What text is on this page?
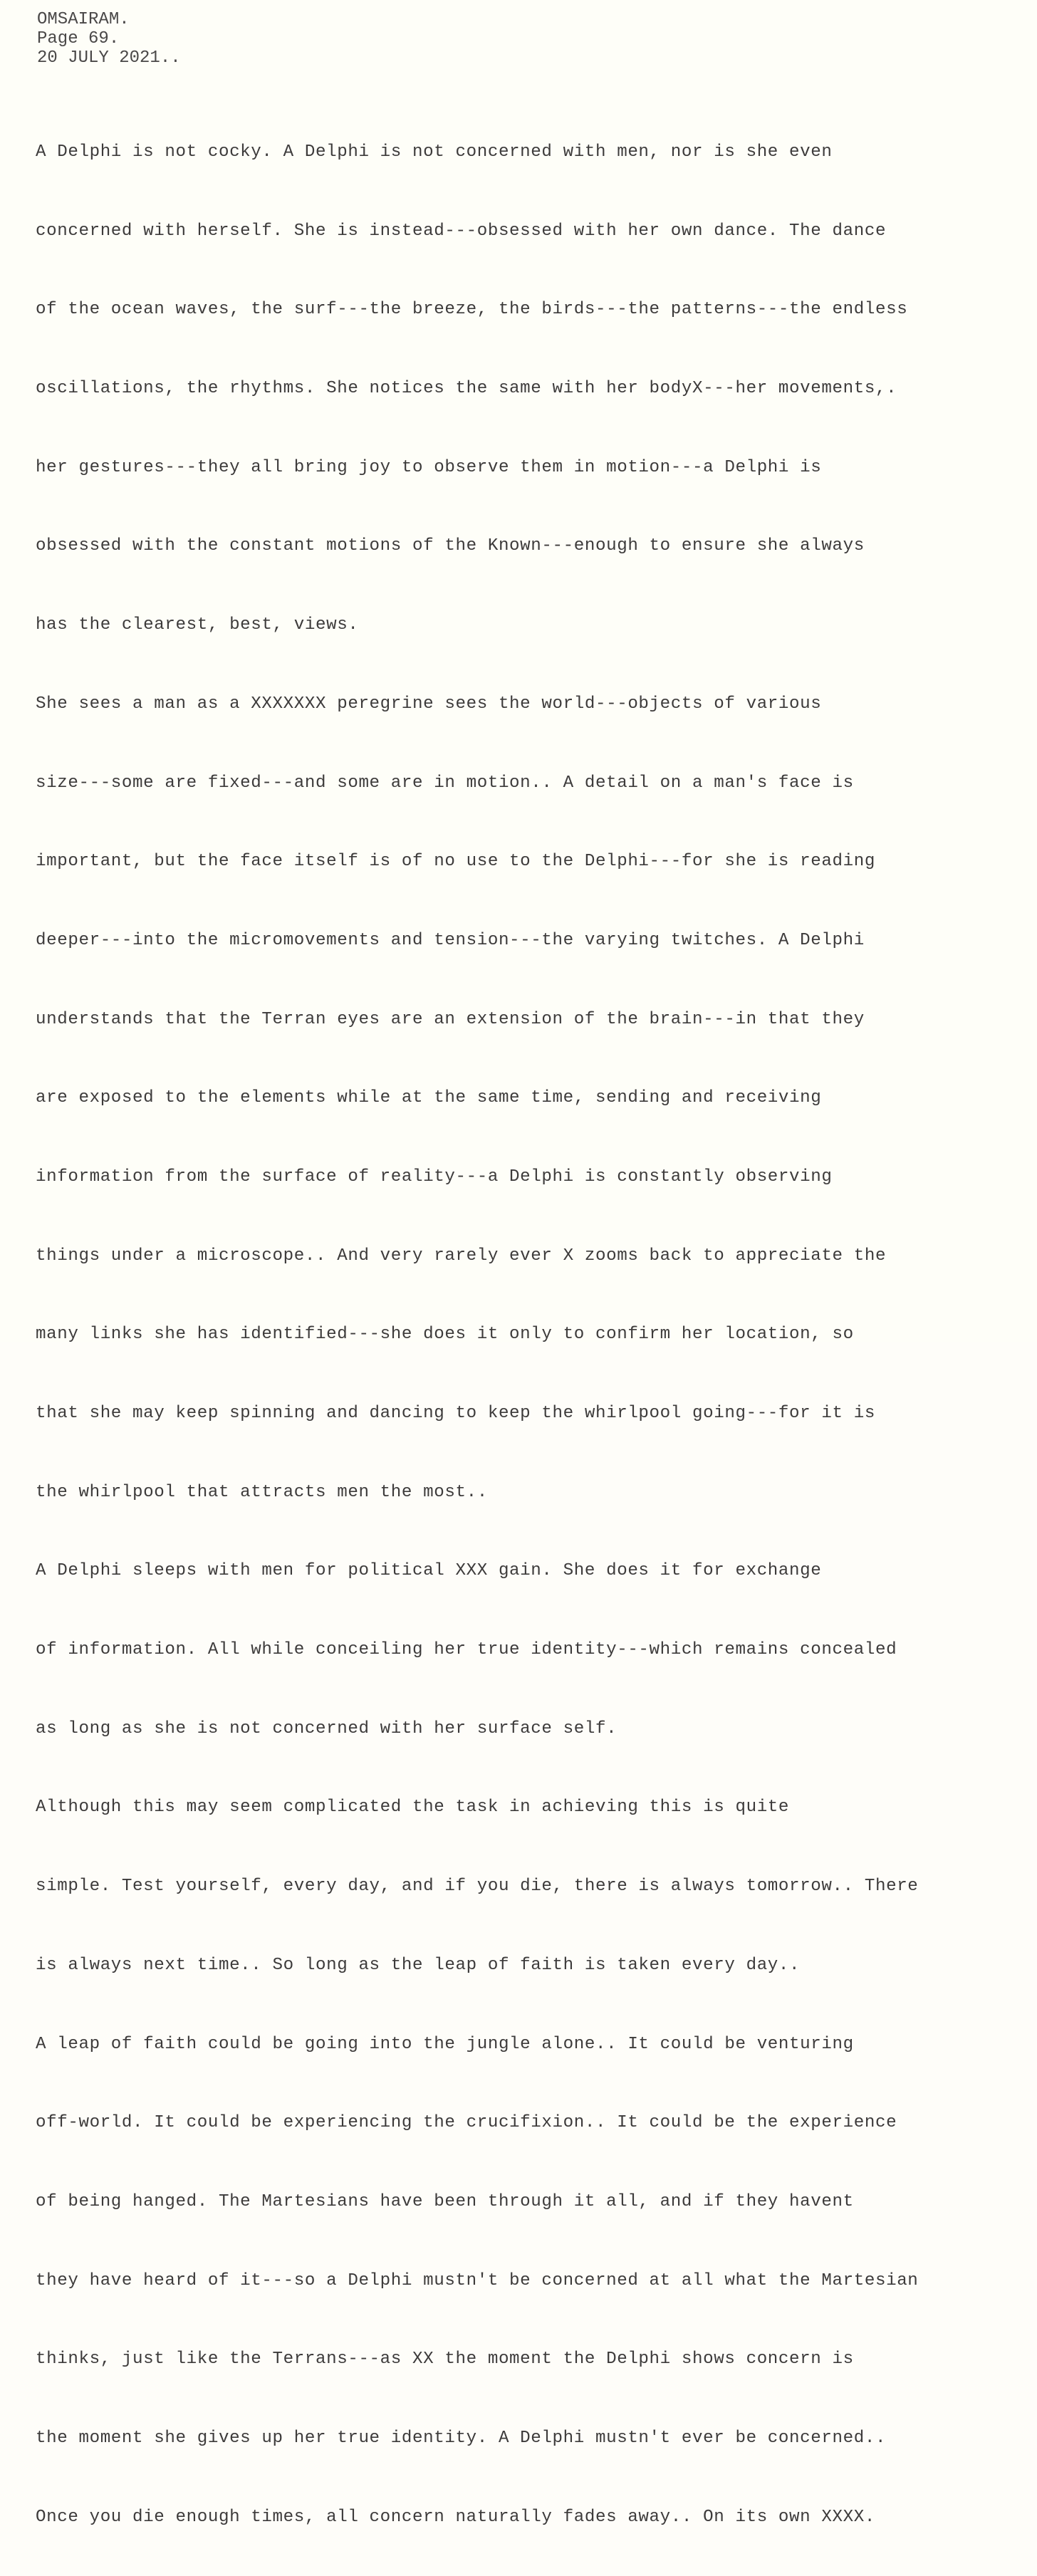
OMSAIRAM.
Page 69.
20 JULY 2021..

A Delphi is not cocky. A Delphi is not concerned with men, nor is she even

concerned with herself. She is instead---obsessed with her own dance. The dance

of the ocean waves, the surf---the breeze, the birds---the patterns---the endless

oscillations, the rhythms. She notices the same with her bodyX---her movements,.

her gestures---they all bring joy to observe them in motion---a Delphi is

obsessed with the constant motions of the Known---enough to ensure she always

has the clearest, best, views.

She sees a man as a XXXXXXX peregrine sees the world---objects of various

size---some are fixed---and some are in motion.. A detail on a man's face is

important, but the face itself is of no use to the Delphi---for she is reading

deeper---into the micromovements and tension---the varying twitches. A Delphi

understands that the Terran eyes are an extension of the brain---in that they

are exposed to the elements while at the same time, sending and receiving

information from the surface of reality---a Delphi is constantly observing

things under a microscope.. And very rarely ever X zooms back to appreciate the

many links she has identified---she does it only to confirm her location, so

that she may keep spinning and dancing to keep the whirlpool going---for it is

the whirlpool that attracts men the most..

A Delphi sleeps with men for political XXX gain. She does it for exchange

of information. All while conceiling her true identity---which remains concealed

as long as she is not concerned with her surface self.

Although this may seem complicated the task in achieving this is quite

simple. Test yourself, every day, and if you die, there is always tomorrow.. There

is always next time.. So long as the leap of faith is taken every day..

A leap of faith could be going into the jungle alone.. It could be venturing

off-world. It could be experiencing the crucifixion.. It could be the experience

of being hanged. The Martesians have been through it all, and if they havent

they have heard of it---so a Delphi mustn't be concerned at all what the Martesian

thinks, just like the Terrans---as XX the moment the Delphi shows concern is

the moment she gives up her true identity. A Delphi mustn't ever be concerned..

Once you die enough times, all concern naturally fades away.. On its own XXXX.
